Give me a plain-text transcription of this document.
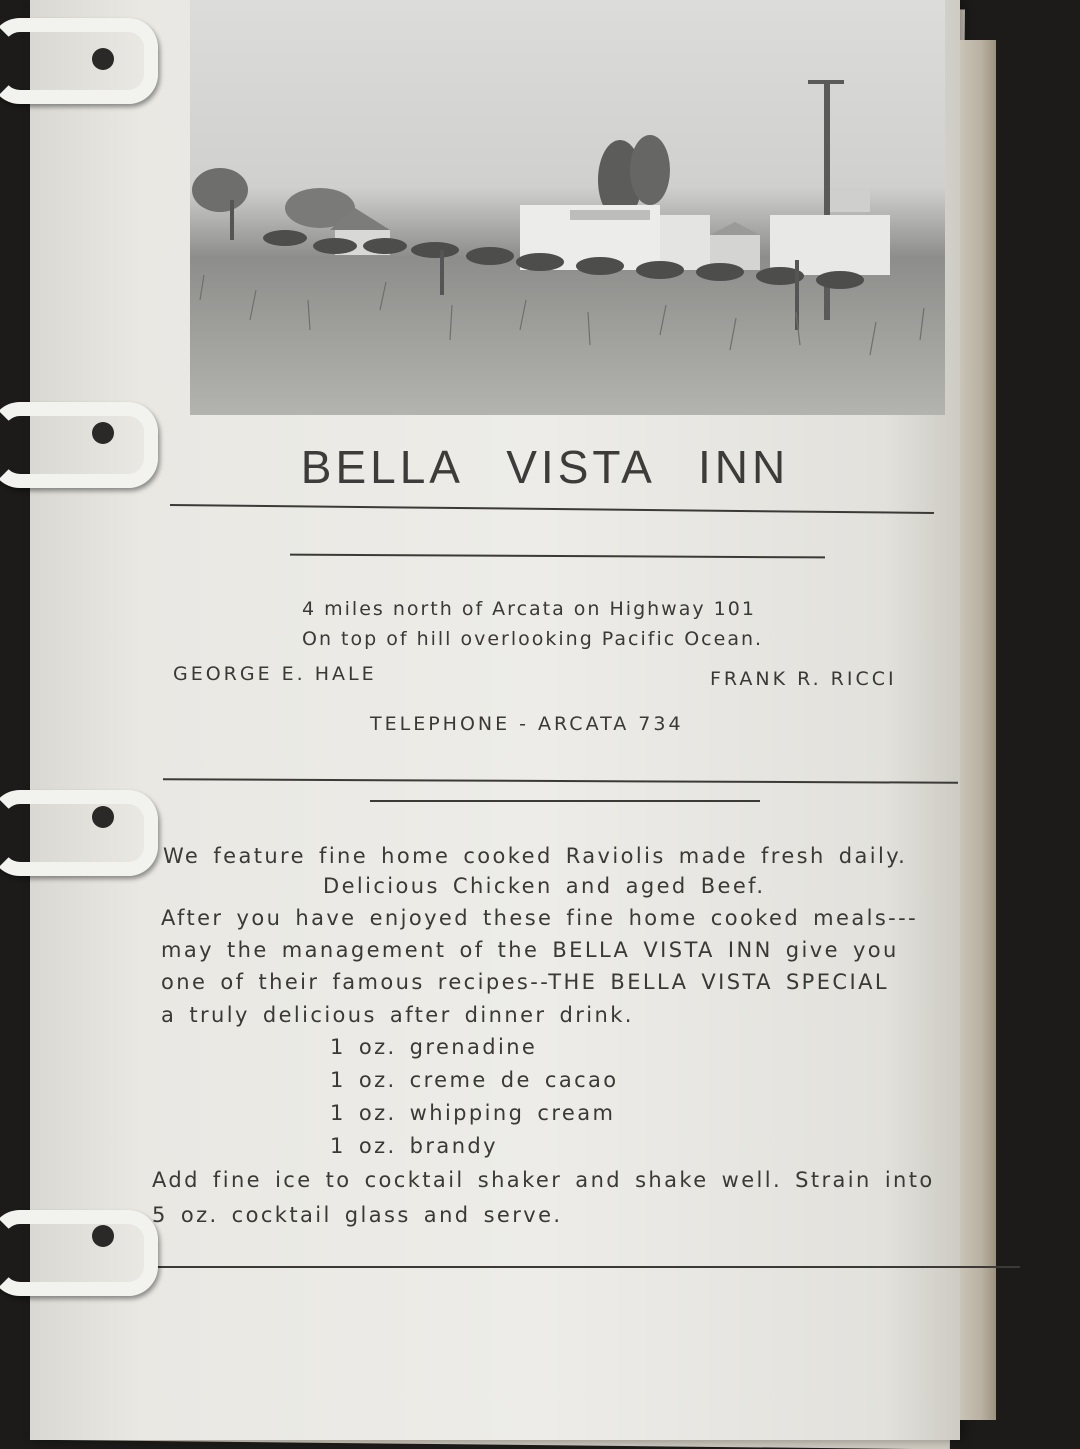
BELLA VISTA INN
4 miles north of Arcata on Highway 101
On top of hill overlooking Pacific Ocean.
GEORGE E. HALE	FRANK R. RICCI
TELEPHONE - ARCATA 734
We feature fine home cooked Raviolis made fresh daily.
Delicious Chicken and aged Beef.
After you have enjoyed these fine home cooked meals---
may the management of the BELLA VISTA INN give you
one of their famous recipes--THE BELLA VISTA SPECIAL
a truly delicious after dinner drink.
1 oz. grenadine
1 oz. creme de cacao
1 oz. whipping cream
1 oz. brandy
Add fine ice to cocktail shaker and shake well. Strain into
5 oz. cocktail glass and serve.
